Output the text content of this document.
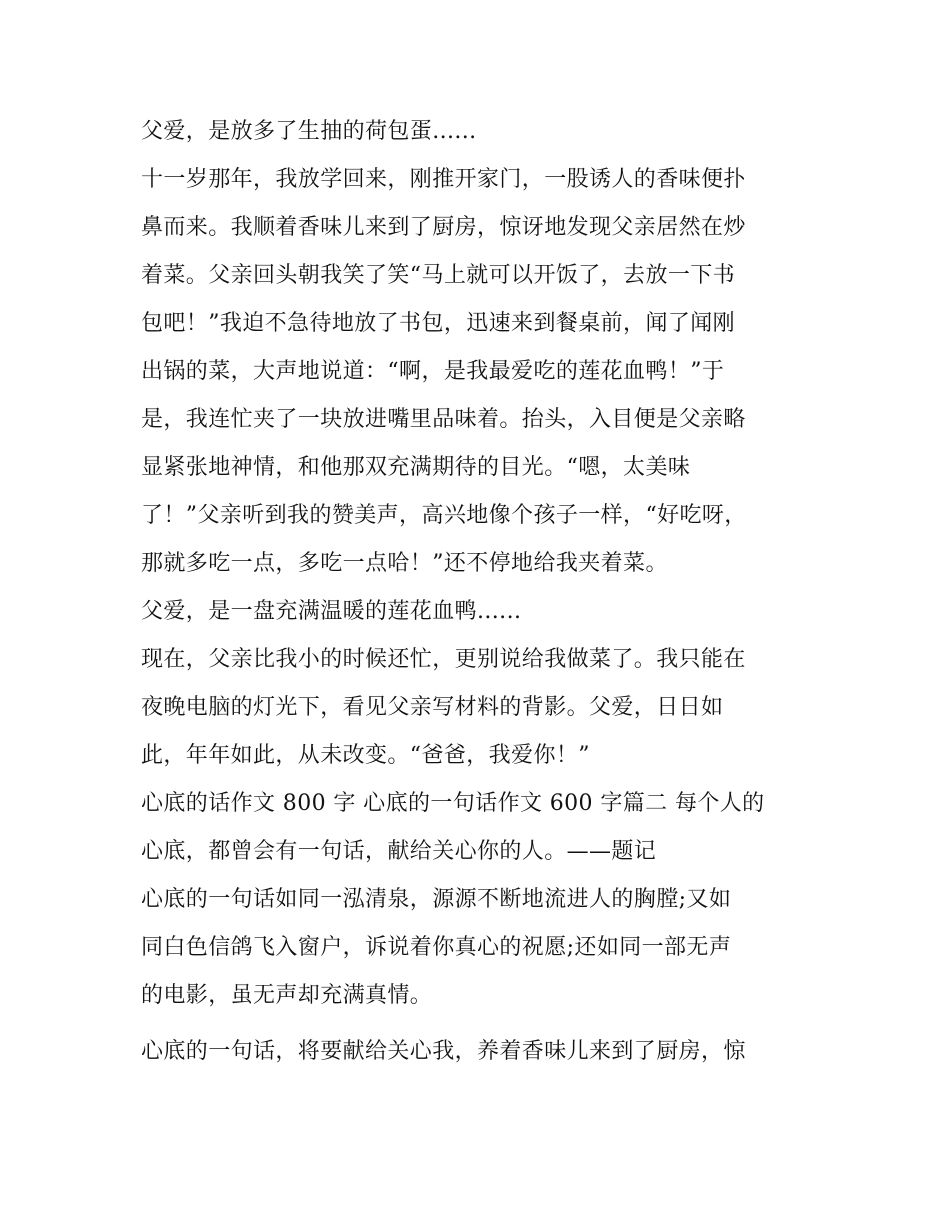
父爱，是放多了生抽的荷包蛋......
十一岁那年，我放学回来，刚推开家门，一股诱人的香味便扑
鼻而来。我顺着香味儿来到了厨房，惊讶地发现父亲居然在炒
着菜。父亲回头朝我笑了笑“马上就可以开饭了，去放一下书
包吧！”我迫不急待地放了书包，迅速来到餐桌前，闻了闻刚
出锅的菜，大声地说道：“啊，是我最爱吃的莲花血鸭！”于
是，我连忙夹了一块放进嘴里品味着。抬头，入目便是父亲略
显紧张地神情，和他那双充满期待的目光。“嗯，太美味
了！”父亲听到我的赞美声，高兴地像个孩子一样，“好吃呀，
那就多吃一点，多吃一点哈！”还不停地给我夹着菜。
父爱，是一盘充满温暖的莲花血鸭......
现在，父亲比我小的时候还忙，更别说给我做菜了。我只能在
夜晚电脑的灯光下，看见父亲写材料的背影。父爱，日日如
此，年年如此，从未改变。“爸爸，我爱你！”
心底的话作文 800 字 心底的一句话作文 600 字篇二 每个人的
心底，都曾会有一句话，献给关心你的人。——题记
心底的一句话如同一泓清泉，源源不断地流进人的胸膛;又如
同白色信鸽飞入窗户，诉说着你真心的祝愿;还如同一部无声
的电影，虽无声却充满真情。
心底的一句话，将要献给关心我，养着香味儿来到了厨房，惊
